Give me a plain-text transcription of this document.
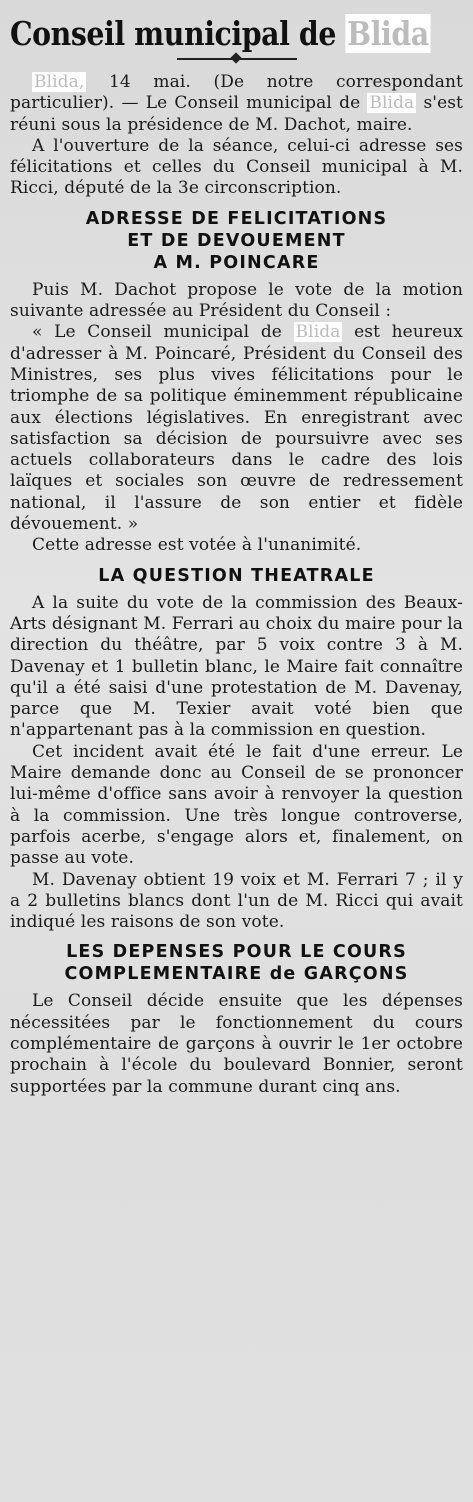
Conseil municipal de Blida

Blida, 14 mai. (De notre correspondant particulier). — Le Conseil municipal de Blida s'est réuni sous la présidence de M. Dachot, maire.

A l'ouverture de la séance, celui-ci adresse ses félicitations et celles du Conseil municipal à M. Ricci, député de la 3e circonscription.

ADRESSE DE FELICITATIONS
ET DE DEVOUEMENT
A M. POINCARE

Puis M. Dachot propose le vote de la motion suivante adressée au Président du Conseil :

« Le Conseil municipal de Blida est heureux d'adresser à M. Poincaré, Président du Conseil des Ministres, ses plus vives félicitations pour le triomphe de sa politique éminemment républicaine aux élections législatives. En enregistrant avec satisfaction sa décision de poursuivre avec ses actuels collaborateurs dans le cadre des lois laïques et sociales son œuvre de redressement national, il l'assure de son entier et fidèle dévouement. »

Cette adresse est votée à l'unanimité.

LA QUESTION THEATRALE

A la suite du vote de la commission des Beaux-Arts désignant M. Ferrari au choix du maire pour la direction du théâtre, par 5 voix contre 3 à M. Davenay et 1 bulletin blanc, le Maire fait connaître qu'il a été saisi d'une protestation de M. Davenay, parce que M. Texier avait voté bien que n'appartenant pas à la commission en question.

Cet incident avait été le fait d'une erreur. Le Maire demande donc au Conseil de se prononcer lui-même d'office sans avoir à renvoyer la question à la commission. Une très longue controverse, parfois acerbe, s'engage alors et, finalement, on passe au vote.

M. Davenay obtient 19 voix et M. Ferrari 7 ; il y a 2 bulletins blancs dont l'un de M. Ricci qui avait indiqué les raisons de son vote.

LES DEPENSES POUR LE COURS
COMPLEMENTAIRE de GARÇONS

Le Conseil décide ensuite que les dépenses nécessitées par le fonctionnement du cours complémentaire de garçons à ouvrir le 1er octobre prochain à l'école du boulevard Bonnier, seront supportées par la commune durant cinq ans.
